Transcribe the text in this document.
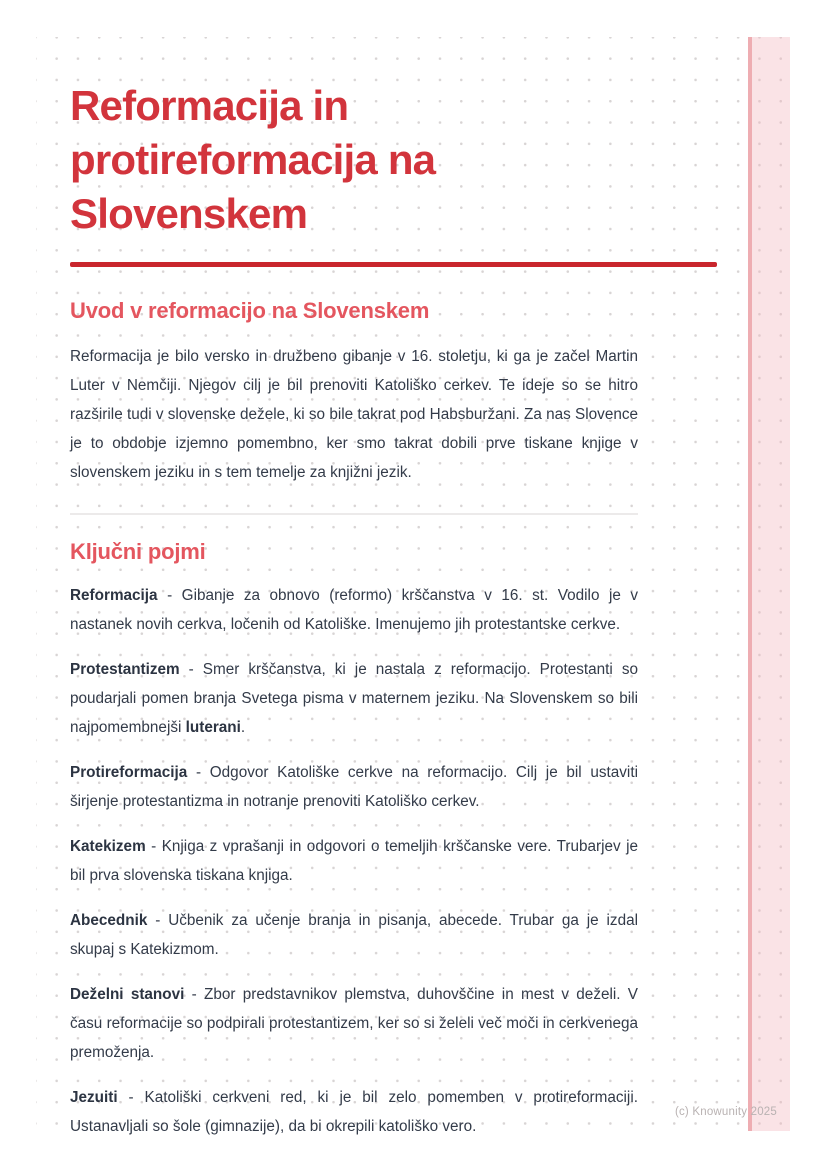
Reformacija in protireformacija na Slovenskem
Uvod v reformacijo na Slovenskem

Reformacija je bilo versko in družbeno gibanje v 16. stoletju, ki ga je začel Martin Luter v Nemčiji. Njegov cilj je bil prenoviti Katoliško cerkev. Te ideje so se hitro razširile tudi v slovenske dežele, ki so bile takrat pod Habsburžani. Za nas Slovence je to obdobje izjemno pomembno, ker smo takrat dobili prve tiskane knjige v slovenskem jeziku in s tem temelje za knjižni jezik.

Ključni pojmi

Reformacija - Gibanje za obnovo (reformo) krščanstva v 16. st. Vodilo je v nastanek novih cerkva, ločenih od Katoliške. Imenujemo jih protestantske cerkve.

Protestantizem - Smer krščanstva, ki je nastala z reformacijo. Protestanti so poudarjali pomen branja Svetega pisma v maternem jeziku. Na Slovenskem so bili najpomembnejši luterani.

Protireformacija - Odgovor Katoliške cerkve na reformacijo. Cilj je bil ustaviti širjenje protestantizma in notranje prenoviti Katoliško cerkev.

Katekizem - Knjiga z vprašanji in odgovori o temeljih krščanske vere. Trubarjev je bil prva slovenska tiskana knjiga.

Abecednik - Učbenik za učenje branja in pisanja, abecede. Trubar ga je izdal skupaj s Katekizmom.

Deželni stanovi - Zbor predstavnikov plemstva, duhovščine in mest v deželi. V času reformacije so podpirali protestantizem, ker so si želeli več moči in cerkvenega premoženja.

Jezuiti - Katoliški cerkveni red, ki je bil zelo pomemben v protireformaciji. Ustanavljali so šole (gimnazije), da bi okrepili katoliško vero.

(c) Knowunity 2025
